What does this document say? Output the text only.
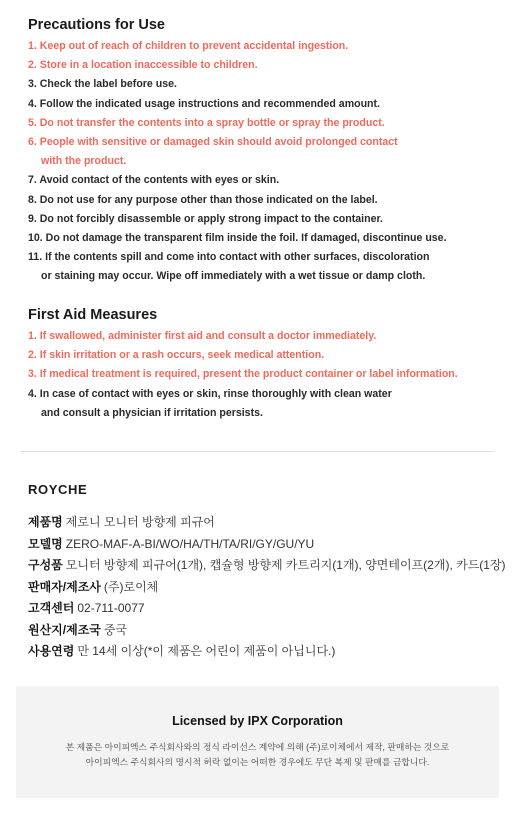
Precautions for Use
1. Keep out of reach of children to prevent accidental ingestion.
2. Store in a location inaccessible to children.
3. Check the label before use.
4. Follow the indicated usage instructions and recommended amount.
5. Do not transfer the contents into a spray bottle or spray the product.
6. People with sensitive or damaged skin should avoid prolonged contact
with the product.
7. Avoid contact of the contents with eyes or skin.
8. Do not use for any purpose other than those indicated on the label.
9. Do not forcibly disassemble or apply strong impact to the container.
10. Do not damage the transparent film inside the foil. If damaged, discontinue use.
11. If the contents spill and come into contact with other surfaces, discoloration
or staining may occur. Wipe off immediately with a wet tissue or damp cloth.
First Aid Measures
1. If swallowed, administer first aid and consult a doctor immediately.
2. If skin irritation or a rash occurs, seek medical attention.
3. If medical treatment is required, present the product container or label information.
4. In case of contact with eyes or skin, rinse thoroughly with clean water
and consult a physician if irritation persists.
ROYCHE
제품명 제로니 모니터 방향제 피규어
모델명 ZERO-MAF-A-BI/WO/HA/TH/TA/RI/GY/GU/YU
구성품 모니터 방향제 피규어(1개), 캡슐형 방향제 카트리지(1개), 양면테이프(2개), 카드(1장)
판매자/제조사 (주)로이체
고객센터 02-711-0077
원산지/제조국 중국
사용연령 만 14세 이상(*이 제품은 어린이 제품이 아닙니다.)
Licensed by IPX Corporation
본 제품은 아이피엑스 주식회사와의 정식 라이선스 계약에 의해 (주)로이체에서 제작, 판매하는 것으로
아이피엑스 주식회사의 명시적 허락 없이는 어떠한 경우에도 무단 복제 및 판매를 금합니다.
